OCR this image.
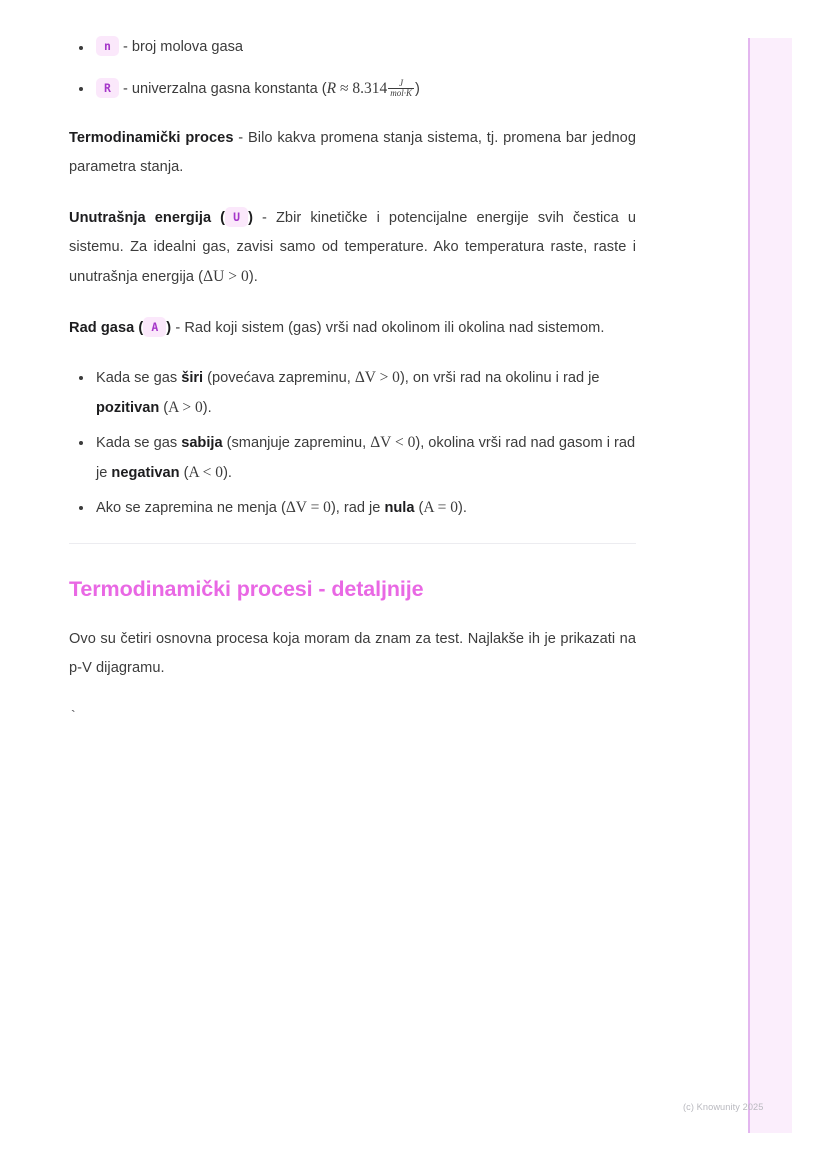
n - broj molova gasa
R - univerzalna gasna konstanta ($R \approx 8.314 \frac{J}{\text{mol·K}}$ )

Termodinamički proces - Bilo kakva promena stanja sistema, tj. promena bar jednog parametra stanja.

Unutrašnja energija ( U ) - Zbir kinetičke i potencijalne energije svih čestica u sistemu. Za idealni gas, zavisi samo od temperature. Ako temperatura raste, raste i unutrašnja energija (ΔU > 0).

Rad gasa ( A ) - Rad koji sistem (gas) vrši nad okolinom ili okolina nad sistemom.

Kada se gas širi (povećava zapreminu, ΔV > 0), on vrši rad na okolinu i rad je pozitivan (A > 0).
Kada se gas sabija (smanjuje zapreminu, ΔV < 0), okolina vrši rad nad gasom i rad je negativan (A < 0).
Ako se zapremina ne menja (ΔV = 0), rad je nula (A = 0).
Termodinamički procesi - detaljnije

Ovo su četiri osnovna procesa koja moram da znam za test. Najlakše ih je prikazati na p-V dijagramu.

`
(c) Knowunity 2025
